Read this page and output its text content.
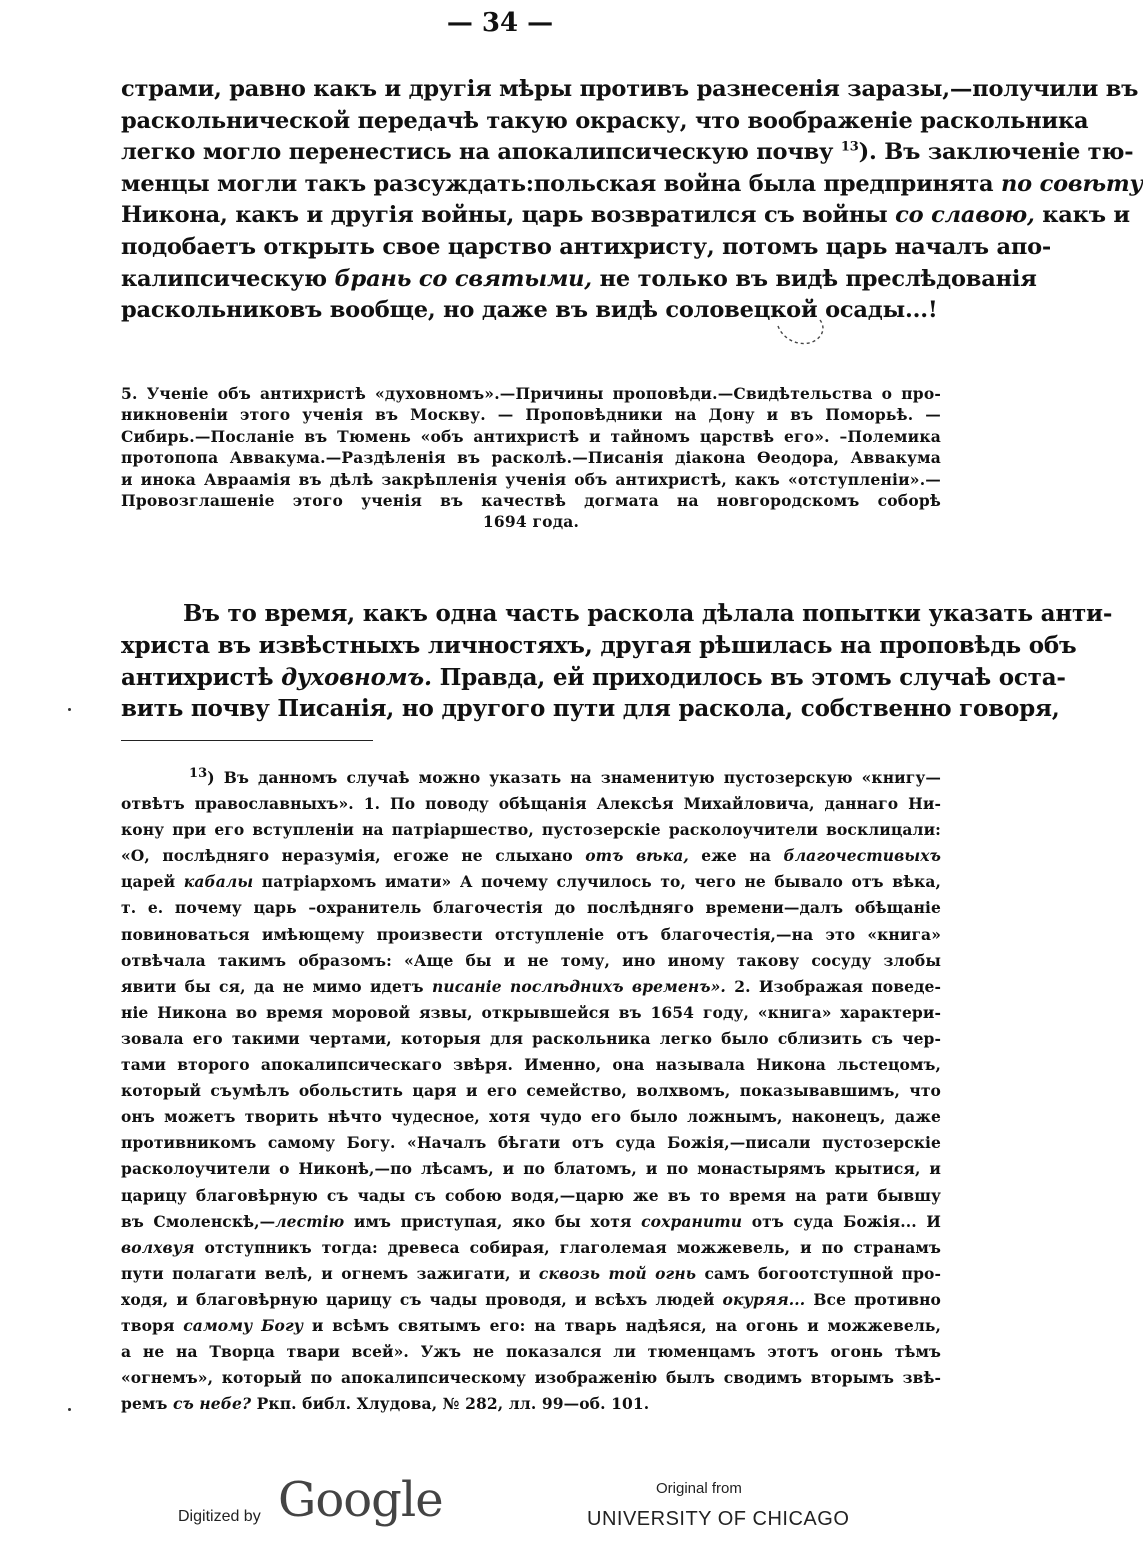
— 34 —
страми, равно какъ и другія мѣры противъ разнесенія заразы,—получили въ
раскольнической передачѣ такую окраску, что воображеніе раскольника
легко могло перенестись на апокалипсическую почву $^{13}$). Въ заключеніе тю-
менцы могли такъ разсуждать:польская война была предпринята по совѣту
Никона, какъ и другія войны, царь возвратился съ войны со славою, какъ и
подобаетъ открыть свое царство антихристу, потомъ царь началъ апо-
калипсическую брань со святыми, не только въ видѣ преслѣдованія
раскольниковъ вообще, но даже въ видѣ соловецкой осады...!
5. Ученіе объ антихристѣ «духовномъ».—Причины проповѣди.—Свидѣтельства о про-
никновеніи этого ученія въ Москву. — Проповѣдники на Дону и въ Поморьѣ. —
Сибирь.—Посланіе въ Тюмень «объ антихристѣ и тайномъ царствѣ его». –Полемика
протопопа Аввакума.—Раздѣленія въ расколѣ.—Писанія діакона Ѳеодора, Аввакума
и инока Авраамія въ дѣлѣ закрѣпленія ученія объ антихристѣ, какъ «отступленіи».—
Провозглашеніе этого ученія въ качествѣ догмата на новгородскомъ соборѣ
1694 года.
Въ то время, какъ одна часть раскола дѣлала попытки указать анти-
христа въ извѣстныхъ личностяхъ, другая рѣшилась на проповѣдь объ
антихристѣ духовномъ. Правда, ей приходилось въ этомъ случаѣ оста-
вить почву Писанія, но другого пути для раскола, собственно говоря,
$^{13}$) Въ данномъ случаѣ можно указать на знаменитую пустозерскую «книгу—
отвѣтъ православныхъ». 1. По поводу обѣщанія Алексѣя Михайловича, даннаго Ни-
кону при его вступленіи на патріаршество, пустозерскіе расколоучители восклицали:
«О, послѣдняго неразумія, егоже не слыхано отъ вѣка, еже на благочестивыхъ
царей кабалы патріархомъ имати» А почему случилось то, чего не бывало отъ вѣка,
т. е. почему царь –охранитель благочестія до послѣдняго времени—далъ обѣщаніе
повиноваться имѣющему произвести отступленіе отъ благочестія,—на это «книга»
отвѣчала такимъ образомъ: «Аще бы и не тому, ино иному такову сосуду злобы
явити бы ся, да не мимо идетъ писаніе послѣднихъ временъ». 2. Изображая поведе-
ніе Никона во время моровой язвы, открывшейся въ 1654 году, «книга» характери-
зовала его такими чертами, которыя для раскольника легко было сблизить съ чер-
тами второго апокалипсическаго звѣря. Именно, она называла Никона льстецомъ,
который съумѣлъ обольстить царя и его семейство, волхвомъ, показывавшимъ, что
онъ можетъ творить нѣчто чудесное, хотя чудо его было ложнымъ, наконецъ, даже
противникомъ самому Богу. «Началъ бѣгати отъ суда Божія,—писали пустозерскіе
расколоучители о Никонѣ,—по лѣсамъ, и по блатомъ, и по монастырямъ крытися, и
царицу благовѣрную съ чады съ собою водя,—царю же въ то время на рати бывшу
въ Смоленскѣ,—лестію имъ приступая, яко бы хотя сохранити отъ суда Божія... И
волхвуя отступникъ тогда: древеса собирая, глаголемая можжевель, и по странамъ
пути полагати велѣ, и огнемъ зажигати, и сквозь той огнь самъ богоотступной про-
ходя, и благовѣрную царицу съ чады проводя, и всѣхъ людей окуряя... Все противно
творя самому Богу и всѣмъ святымъ его: на тварь надѣяся, на огонь и можжевель,
а не на Творца твари всей». Ужъ не показался ли тюменцамъ этотъ огонь тѣмъ
«огнемъ», который по апокалипсическому изображенію былъ сводимъ вторымъ звѣ-
ремъ съ небе? Ркп. библ. Хлудова, № 282, лл. 99—об. 101.
Digitized by Google	Original from
UNIVERSITY OF CHICAGO
